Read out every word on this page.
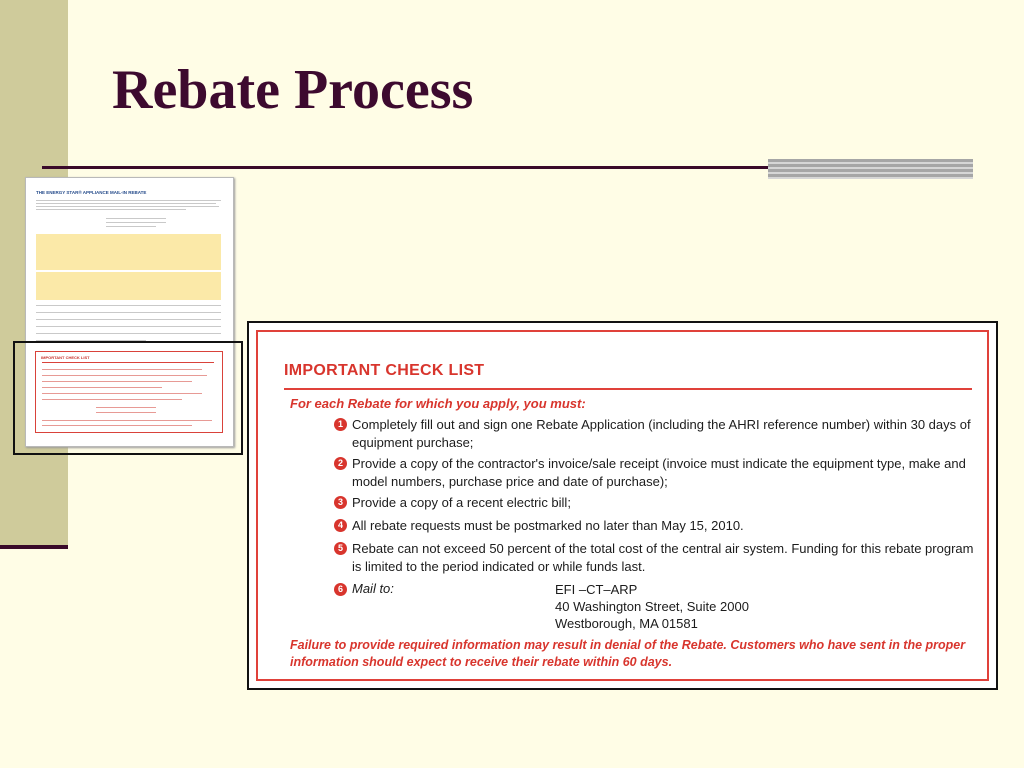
Rebate Process
THE ENERGY STAR® APPLIANCE MAIL-IN REBATE
IMPORTANT CHECK LIST
IMPORTANT CHECK LIST
For each Rebate for which you apply, you must:
1 Completely fill out and sign one Rebate Application (including the AHRI reference number) within 30 days of equipment purchase;
2 Provide a copy of the contractor's invoice/sale receipt (invoice must indicate the equipment type, make and model numbers, purchase price and date of purchase);
3 Provide a copy of a recent electric bill;
4 All rebate requests must be postmarked no later than May 15, 2010.
5 Rebate can not exceed 50 percent of the total cost of the central air system. Funding for this rebate program is limited to the period indicated or while funds last.
6 Mail to:	EFI –CT–ARP
40 Washington Street, Suite 2000
Westborough, MA 01581
Failure to provide required information may result in denial of the Rebate. Customers who have sent in the proper information should expect to receive their rebate within 60 days.
